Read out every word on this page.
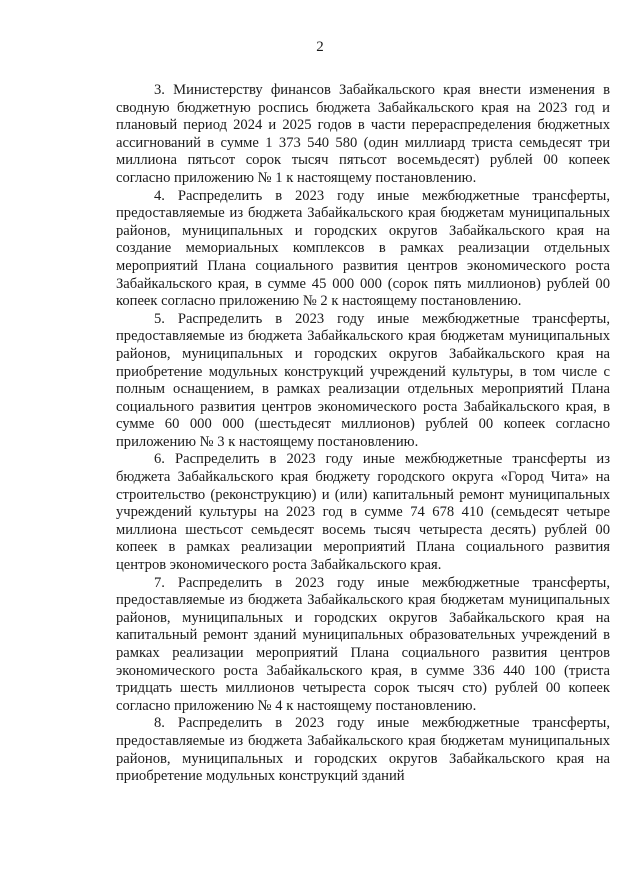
2

3. Министерству финансов Забайкальского края внести изменения в сводную бюджетную роспись бюджета Забайкальского края на 2023 год и плановый период 2024 и 2025 годов в части перераспределения бюджетных ассигнований в сумме 1 373 540 580 (один миллиард триста семьдесят три миллиона пятьсот сорок тысяч пятьсот восемьдесят) рублей 00 копеек согласно приложению № 1 к настоящему постановлению.

4. Распределить в 2023 году иные межбюджетные трансферты, предоставляемые из бюджета Забайкальского края бюджетам муниципальных районов, муниципальных и городских округов Забайкальского края на создание мемориальных комплексов в рамках реализации отдельных мероприятий Плана социального развития центров экономического роста Забайкальского края, в сумме 45 000 000 (сорок пять миллионов) рублей 00 копеек согласно приложению № 2 к настоящему постановлению.

5. Распределить в 2023 году иные межбюджетные трансферты, предоставляемые из бюджета Забайкальского края бюджетам муниципальных районов, муниципальных и городских округов Забайкальского края на приобретение модульных конструкций учреждений культуры, в том числе с полным оснащением, в рамках реализации отдельных мероприятий Плана социального развития центров экономического роста Забайкальского края, в сумме 60 000 000 (шестьдесят миллионов) рублей 00 копеек согласно приложению № 3 к настоящему постановлению.

6. Распределить в 2023 году иные межбюджетные трансферты из бюджета Забайкальского края бюджету городского округа «Город Чита» на строительство (реконструкцию) и (или) капитальный ремонт муниципальных учреждений культуры на 2023 год в сумме 74 678 410 (семьдесят четыре миллиона шестьсот семьдесят восемь тысяч четыреста десять) рублей 00 копеек в рамках реализации мероприятий Плана социального развития центров экономического роста Забайкальского края.

7. Распределить в 2023 году иные межбюджетные трансферты, предоставляемые из бюджета Забайкальского края бюджетам муниципальных районов, муниципальных и городских округов Забайкальского края на капитальный ремонт зданий муниципальных образовательных учреждений в рамках реализации мероприятий Плана социального развития центров экономического роста Забайкальского края, в сумме 336 440 100 (триста тридцать шесть миллионов четыреста сорок тысяч сто) рублей 00 копеек согласно приложению № 4 к настоящему постановлению.

8. Распределить в 2023 году иные межбюджетные трансферты, предоставляемые из бюджета Забайкальского края бюджетам муниципальных районов, муниципальных и городских округов Забайкальского края на приобретение модульных конструкций зданий
